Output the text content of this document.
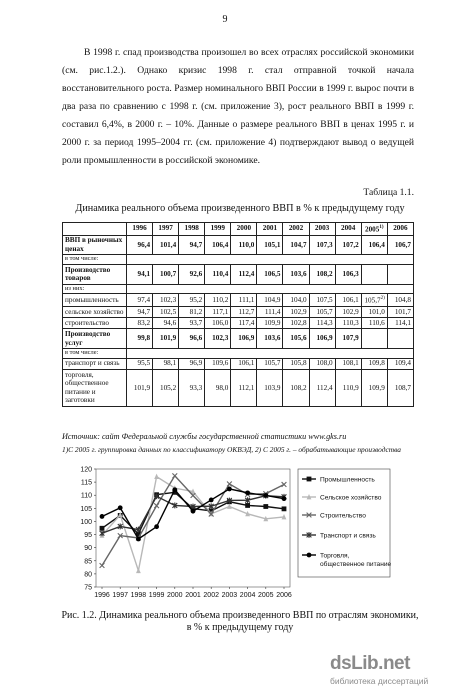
9

В 1998 г. спад производства произошел во всех отраслях российской экономики (см. рис.1.2.). Однако кризис 1998 г. стал отправной точкой начала восстановительного роста. Размер номинального ВВП России в 1999 г. вырос почти в два раза по сравнению с 1998 г. (см. приложение 3), рост реального ВВП в 1999 г. составил 6,4%, в 2000 г. – 10%. Данные о размере реального ВВП в ценах 1995 г. и 2000 г. за период 1995–2004 гг. (см. приложение 4) подтверждают вывод о ведущей роли промышленности в российской экономике.

Таблица 1.1.
Динамика реального объема произведенного ВВП в % к предыдущему году
	1996	1997	1998	1999	2000	2001	2002	2003	2004	2005$^{1)}$	2006
ВВП в рыночных ценах	96,4	101,4	94,7	106,4	110,0	105,1	104,7	107,3	107,2	106,4	106,7
в том числе:											
Производство товаров	94,1	100,7	92,6	110,4	112,4	106,5	103,6	108,2	106,3		
из них:											
промышленность	97,4	102,3	95,2	110,2	111,1	104,9	104,0	107,5	106,1	105,7$^{2)}$	104,8
сельское хозяйство	94,7	102,5	81,2	117,1	112,7	111,4	102,9	105,7	102,9	101,0	101,7
строительство	83,2	94,6	93,7	106,0	117,4	109,9	102,8	114,3	110,3	110,6	114,1
Производство услуг	99,8	101,9	96,6	102,3	106,9	103,6	105,6	106,9	107,9		
в том числе:											
транспорт и связь	95,5	98,1	96,9	109,6	106,1	105,7	105,8	108,0	108,1	109,8	109,4
торговля, общественное питание и заготовки	101,9	105,2	93,3	98,0	112,1	103,9	108,2	112,4	110,9	109,9	108,7
Источник: сайт Федеральной службы государственной статистики www.gks.ru
1)С 2005 г. группировка данных по классификатору ОКВЭД, 2) С 2005 г. – обрабатывающие производства
75
80
85
90
95
100
105
110
115
120
1996 1997 1998 1999 2000 2001 2002 2003 2004 2005 2006
Промышленность
Сельское хозяйство
Строительство
Транспорт и связь
Торговля,
общественное питание
Рис. 1.2. Динамика реального объема произведенного ВВП по отраслям экономики, в % к предыдущему году
dsLib.net
библиотека диссертаций
